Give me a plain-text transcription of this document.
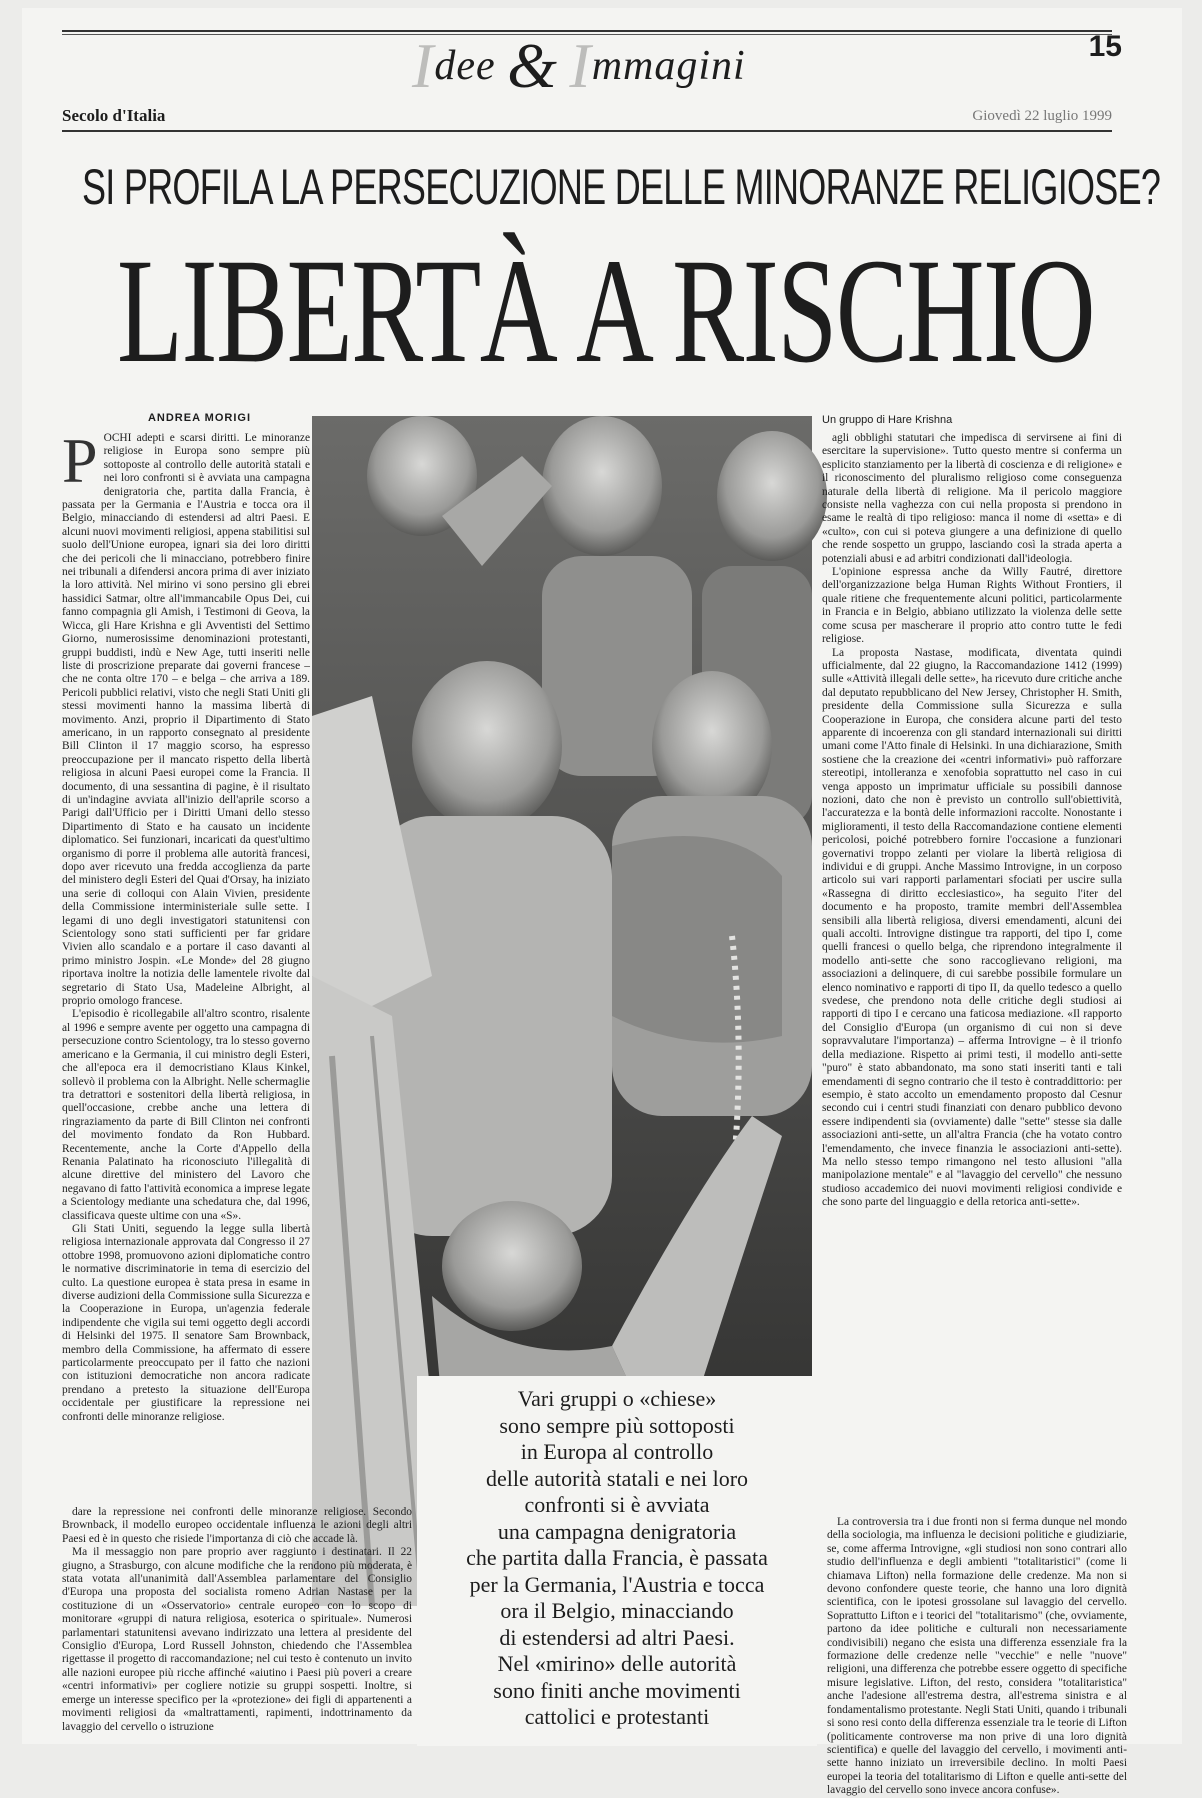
Idee & Immagini	15
Secolo d'Italia	Giovedì 22 luglio 1999
SI PROFILA LA PERSECUZIONE DELLE MINORANZE RELIGIOSE?
LIBERTÀ A RISCHIO
ANDREA MORIGI
P OCHI adepti e scarsi diritti. Le minoranze religiose in Europa sono sempre più sottoposte al controllo delle autorità statali e nei loro confronti si è avviata una campagna denigratoria che, partita dalla Francia, è passata per la Germania e l'Austria e tocca ora il Belgio, minacciando di estendersi ad altri Paesi. E alcuni nuovi movimenti religiosi, appena stabilitisi sul suolo dell'Unione europea, ignari sia dei loro diritti che dei pericoli che li minacciano, potrebbero finire nei tribunali a difendersi ancora prima di aver iniziato la loro attività. Nel mirino vi sono persino gli ebrei hassidici Satmar, oltre all'immancabile Opus Dei, cui fanno compagnia gli Amish, i Testimoni di Geova, la Wicca, gli Hare Krishna e gli Avventisti del Settimo Giorno, numerosissime denominazioni protestanti, gruppi buddisti, indù e New Age, tutti inseriti nelle liste di proscrizione preparate dai governi francese – che ne conta oltre 170 – e belga – che arriva a 189. Pericoli pubblici relativi, visto che negli Stati Uniti gli stessi movimenti hanno la massima libertà di movimento. Anzi, proprio il Dipartimento di Stato americano, in un rapporto consegnato al presidente Bill Clinton il 17 maggio scorso, ha espresso preoccupazione per il mancato rispetto della libertà religiosa in alcuni Paesi europei come la Francia. Il documento, di una sessantina di pagine, è il risultato di un'indagine avviata all'inizio dell'aprile scorso a Parigi dall'Ufficio per i Diritti Umani dello stesso Dipartimento di Stato e ha causato un incidente diplomatico. Sei funzionari, incaricati da quest'ultimo organismo di porre il problema alle autorità francesi, dopo aver ricevuto una fredda accoglienza da parte del ministero degli Esteri del Quai d'Orsay, ha iniziato una serie di colloqui con Alain Vivien, presidente della Commissione interministeriale sulle sette. I legami di uno degli investigatori statunitensi con Scientology sono stati sufficienti per far gridare Vivien allo scandalo e a portare il caso davanti al primo ministro Jospin. «Le Monde» del 28 giugno riportava inoltre la notizia delle lamentele rivolte dal segretario di Stato Usa, Madeleine Albright, al proprio omologo francese.

L'episodio è ricollegabile all'altro scontro, risalente al 1996 e sempre avente per oggetto una campagna di persecuzione contro Scientology, tra lo stesso governo americano e la Germania, il cui ministro degli Esteri, che all'epoca era il democristiano Klaus Kinkel, sollevò il problema con la Albright. Nelle schermaglie tra detrattori e sostenitori della libertà religiosa, in quell'occasione, crebbe anche una lettera di ringraziamento da parte di Bill Clinton nei confronti del movimento fondato da Ron Hubbard. Recentemente, anche la Corte d'Appello della Renania Palatinato ha riconosciuto l'illegalità di alcune direttive del ministero del Lavoro che negavano di fatto l'attività economica a imprese legate a Scientology mediante una schedatura che, dal 1996, classificava queste ultime con una «S».

Gli Stati Uniti, seguendo la legge sulla libertà religiosa internazionale approvata dal Congresso il 27 ottobre 1998, promuovono azioni diplomatiche contro le normative discriminatorie in tema di esercizio del culto. La questione europea è stata presa in esame in diverse audizioni della Commissione sulla Sicurezza e la Cooperazione in Europa, un'agenzia federale indipendente che vigila sui temi oggetto degli accordi di Helsinki del 1975. Il senatore Sam Brownback, membro della Commissione, ha affermato di essere particolarmente preoccupato per il fatto che nazioni con istituzioni democratiche non ancora radicate prendano a pretesto la situazione dell'Europa occidentale per giustificare la repressione nei confronti delle minoranze religiose.

Un gruppo di Hare Krishna

agli obblighi statutari che impedisca di servirsene ai fini di esercitare la supervisione». Tutto questo mentre si conferma un esplicito stanziamento per la libertà di coscienza e di religione» e il riconoscimento del pluralismo religioso come conseguenza naturale della libertà di religione. Ma il pericolo maggiore consiste nella vaghezza con cui nella proposta si prendono in esame le realtà di tipo religioso: manca il nome di «setta» e di «culto», con cui si poteva giungere a una definizione di quello che rende sospetto un gruppo, lasciando così la strada aperta a potenziali abusi e ad arbitri condizionati dall'ideologia.

L'opinione espressa anche da Willy Fautré, direttore dell'organizzazione belga Human Rights Without Frontiers, il quale ritiene che frequentemente alcuni politici, particolarmente in Francia e in Belgio, abbiano utilizzato la violenza delle sette come scusa per mascherare il proprio atto contro tutte le fedi religiose.

La proposta Nastase, modificata, diventata quindi ufficialmente, dal 22 giugno, la Raccomandazione 1412 (1999) sulle «Attività illegali delle sette», ha ricevuto dure critiche anche dal deputato repubblicano del New Jersey, Christopher H. Smith, presidente della Commissione sulla Sicurezza e sulla Cooperazione in Europa, che considera alcune parti del testo apparente di incoerenza con gli standard internazionali sui diritti umani come l'Atto finale di Helsinki. In una dichiarazione, Smith sostiene che la creazione dei «centri informativi» può rafforzare stereotipi, intolleranza e xenofobia soprattutto nel caso in cui venga apposto un imprimatur ufficiale su possibili dannose nozioni, dato che non è previsto un controllo sull'obiettività, l'accuratezza e la bontà delle informazioni raccolte. Nonostante i miglioramenti, il testo della Raccomandazione contiene elementi pericolosi, poiché potrebbero fornire l'occasione a funzionari governativi troppo zelanti per violare la libertà religiosa di individui e di gruppi. Anche Massimo Introvigne, in un corposo articolo sui vari rapporti parlamentari sfociati per uscire sulla «Rassegna di diritto ecclesiastico», ha seguito l'iter del documento e ha proposto, tramite membri dell'Assemblea sensibili alla libertà religiosa, diversi emendamenti, alcuni dei quali accolti. Introvigne distingue tra rapporti, del tipo I, come quelli francesi o quello belga, che riprendono integralmente il modello anti-sette che sono raccoglievano religioni, ma associazioni a delinquere, di cui sarebbe possibile formulare un elenco nominativo e rapporti di tipo II, da quello tedesco a quello svedese, che prendono nota delle critiche degli studiosi ai rapporti di tipo I e cercano una faticosa mediazione. «Il rapporto del Consiglio d'Europa (un organismo di cui non si deve sopravvalutare l'importanza) – afferma Introvigne – è il trionfo della mediazione. Rispetto ai primi testi, il modello anti-sette "puro" è stato abbandonato, ma sono stati inseriti tanti e tali emendamenti di segno contrario che il testo è contraddittorio: per esempio, è stato accolto un emendamento proposto dal Cesnur secondo cui i centri studi finanziati con denaro pubblico devono essere indipendenti sia (ovviamente) dalle "sette" stesse sia dalle associazioni anti-sette, un all'altra Francia (che ha votato contro l'emendamento, che invece finanzia le associazioni anti-sette). Ma nello stesso tempo rimangono nel testo allusioni "alla manipolazione mentale" e al "lavaggio del cervello" che nessuno studioso accademico dei nuovi movimenti religiosi condivide e che sono parte del linguaggio e della retorica anti-sette».

Vari gruppi o «chiese»
sono sempre più sottoposti
in Europa al controllo
delle autorità statali e nei loro
confronti si è avviata
una campagna denigratoria
che partita dalla Francia, è passata
per la Germania, l'Austria e tocca
ora il Belgio, minacciando
di estendersi ad altri Paesi.
Nel «mirino» delle autorità
sono finiti anche movimenti
cattolici e protestanti

dare la repressione nei confronti delle minoranze religiose. Secondo Brownback, il modello europeo occidentale influenza le azioni degli altri Paesi ed è in questo che risiede l'importanza di ciò che accade là.

Ma il messaggio non pare proprio aver raggiunto i destinatari. Il 22 giugno, a Strasburgo, con alcune modifiche che la rendono più moderata, è stata votata all'unanimità dall'Assemblea parlamentare del Consiglio d'Europa una proposta del socialista romeno Adrian Nastase per la costituzione di un «Osservatorio» centrale europeo con lo scopo di monitorare «gruppi di natura religiosa, esoterica o spirituale». Numerosi parlamentari statunitensi avevano indirizzato una lettera al presidente del Consiglio d'Europa, Lord Russell Johnston, chiedendo che l'Assemblea rigettasse il progetto di raccomandazione; nel cui testo è contenuto un invito alle nazioni europee più ricche affinché «aiutino i Paesi più poveri a creare «centri informativi» per cogliere notizie su gruppi sospetti. Inoltre, si emerge un interesse specifico per la «protezione» dei figli di appartenenti a movimenti religiosi da «maltrattamenti, rapimenti, indottrinamento da lavaggio del cervello o istruzione

La controversia tra i due fronti non si ferma dunque nel mondo della sociologia, ma influenza le decisioni politiche e giudiziarie, se, come afferma Introvigne, «gli studiosi non sono contrari allo studio dell'influenza e degli ambienti "totalitaristici" (come li chiamava Lifton) nella formazione delle credenze. Ma non si devono confondere queste teorie, che hanno una loro dignità scientifica, con le ipotesi grossolane sul lavaggio del cervello. Soprattutto Lifton e i teorici del "totalitarismo" (che, ovviamente, partono da idee politiche e culturali non necessariamente condivisibili) negano che esista una differenza essenziale fra la formazione delle credenze nelle "vecchie" e nelle "nuove" religioni, una differenza che potrebbe essere oggetto di specifiche misure legislative. Lifton, del resto, considera "totalitaristica" anche l'adesione all'estrema destra, all'estrema sinistra e al fondamentalismo protestante. Negli Stati Uniti, quando i tribunali si sono resi conto della differenza essenziale tra le teorie di Lifton (politicamente controverse ma non prive di una loro dignità scientifica) e quelle del lavaggio del cervello, i movimenti anti-sette hanno iniziato un irreversibile declino. In molti Paesi europei la teoria del totalitarismo di Lifton e quelle anti-sette del lavaggio del cervello sono invece ancora confuse».
